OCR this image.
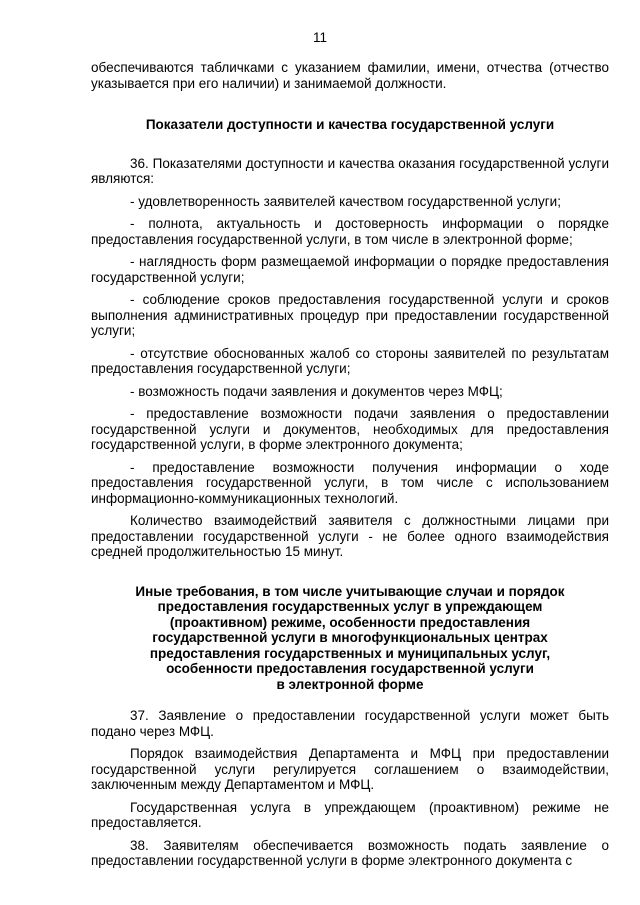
11

обеспечиваются табличками с указанием фамилии, имени, отчества (отчество указывается при его наличии) и занимаемой должности.

Показатели доступности и качества государственной услуги

36. Показателями доступности и качества оказания государственной услуги являются:

- удовлетворенность заявителей качеством государственной услуги;

- полнота, актуальность и достоверность информации о порядке предоставления государственной услуги, в том числе в электронной форме;

- наглядность форм размещаемой информации о порядке предоставления государственной услуги;

- соблюдение сроков предоставления государственной услуги и сроков выполнения административных процедур при предоставлении государственной услуги;

- отсутствие обоснованных жалоб со стороны заявителей по результатам предоставления государственной услуги;

- возможность подачи заявления и документов через МФЦ;

- предоставление возможности подачи заявления о предоставлении государственной услуги и документов, необходимых для предоставления государственной услуги, в форме электронного документа;

- предоставление возможности получения информации о ходе предоставления государственной услуги, в том числе с использованием информационно-коммуникационных технологий.

Количество взаимодействий заявителя с должностными лицами при предоставлении государственной услуги - не более одного взаимодействия средней продолжительностью 15 минут.

Иные требования, в том числе учитывающие случаи и порядок
предоставления государственных услуг в упреждающем
(проактивном) режиме, особенности предоставления
государственной услуги в многофункциональных центрах
предоставления государственных и муниципальных услуг,
особенности предоставления государственной услуги
в электронной форме

37. Заявление о предоставлении государственной услуги может быть подано через МФЦ.

Порядок взаимодействия Департамента и МФЦ при предоставлении государственной услуги регулируется соглашением о взаимодействии, заключенным между Департаментом и МФЦ.

Государственная услуга в упреждающем (проактивном) режиме не предоставляется.

38. Заявителям обеспечивается возможность подать заявление о предоставлении государственной услуги в форме электронного документа с
